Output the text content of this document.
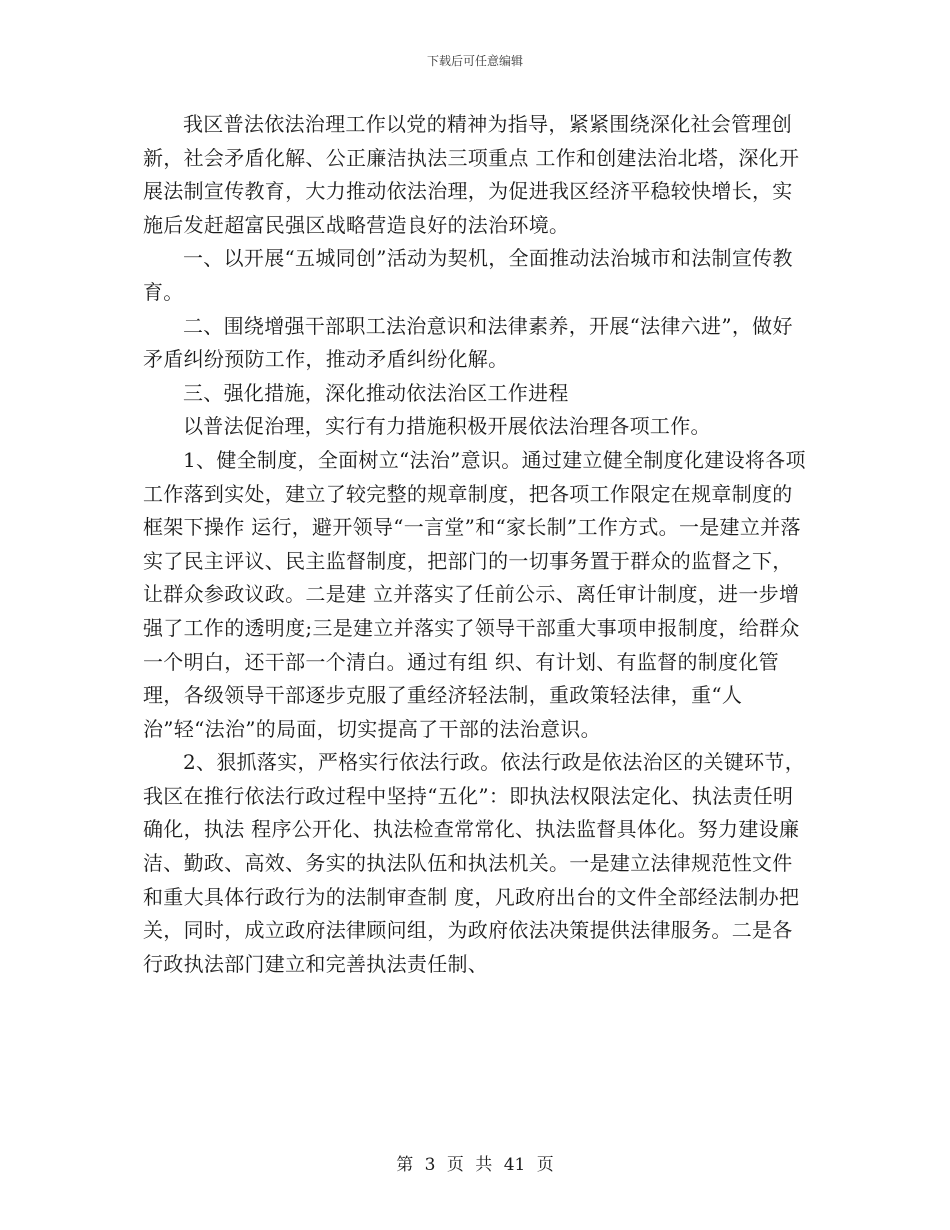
下载后可任意编辑

我区普法依法治理工作以党的精神为指导，紧紧围绕深化社会管理创新，社会矛盾化解、公正廉洁执法三项重点 工作和创建法治北塔，深化开展法制宣传教育，大力推动依法治理，为促进我区经济平稳较快增长，实施后发赶超富民强区战略营造良好的法治环境。

一、以开展“五城同创”活动为契机，全面推动法治城市和法制宣传教育。

二、围绕增强干部职工法治意识和法律素养，开展“法律六进”，做好矛盾纠纷预防工作，推动矛盾纠纷化解。

三、强化措施，深化推动依法治区工作进程

以普法促治理，实行有力措施积极开展依法治理各项工作。

1、健全制度，全面树立“法治”意识。通过建立健全制度化建设将各项工作落到实处，建立了较完整的规章制度，把各项工作限定在规章制度的框架下操作 运行，避开领导“一言堂”和“家长制”工作方式。一是建立并落实了民主评议、民主监督制度，把部门的一切事务置于群众的监督之下，让群众参政议政。二是建 立并落实了任前公示、离任审计制度，进一步增强了工作的透明度;三是建立并落实了领导干部重大事项申报制度，给群众一个明白，还干部一个清白。通过有组 织、有计划、有监督的制度化管理，各级领导干部逐步克服了重经济轻法制，重政策轻法律，重“人治”轻“法治”的局面，切实提高了干部的法治意识。

2、狠抓落实，严格实行依法行政。依法行政是依法治区的关键环节，我区在推行依法行政过程中坚持“五化”：即执法权限法定化、执法责任明确化，执法 程序公开化、执法检查常常化、执法监督具体化。努力建设廉洁、勤政、高效、务实的执法队伍和执法机关。一是建立法律规范性文件和重大具体行政行为的法制审查制 度，凡政府出台的文件全部经法制办把关，同时，成立政府法律顾问组，为政府依法决策提供法律服务。二是各行政执法部门建立和完善执法责任制、

第 3 页 共 41 页
